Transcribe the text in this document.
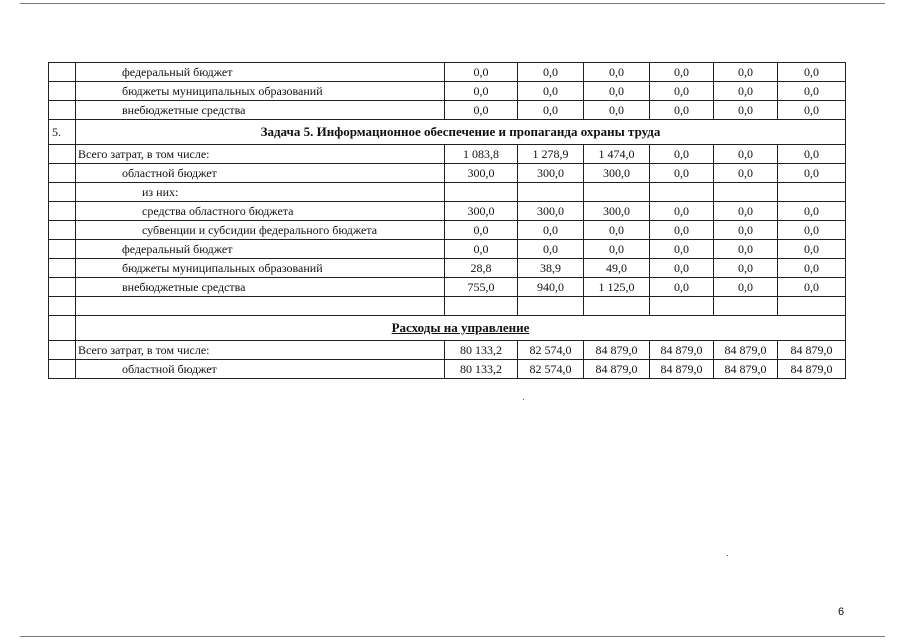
	федеральный бюджет	0,0	0,0	0,0	0,0	0,0	0,0
	бюджеты муниципальных образований	0,0	0,0	0,0	0,0	0,0	0,0
	внебюджетные средства	0,0	0,0	0,0	0,0	0,0	0,0
5.	Задача 5. Информационное обеспечение и пропаганда охраны труда						
	Всего затрат, в том числе:	1 083,8	1 278,9	1 474,0	0,0	0,0	0,0
	областной бюджет	300,0	300,0	300,0	0,0	0,0	0,0
	из них:						
	средства областного бюджета	300,0	300,0	300,0	0,0	0,0	0,0
	субвенции и субсидии федерального бюджета	0,0	0,0	0,0	0,0	0,0	0,0
	федеральный бюджет	0,0	0,0	0,0	0,0	0,0	0,0
	бюджеты муниципальных образований	28,8	38,9	49,0	0,0	0,0	0,0
	внебюджетные средства	755,0	940,0	1 125,0	0,0	0,0	0,0

	Расходы на управление						
	Всего затрат, в том числе:	80 133,2	82 574,0	84 879,0	84 879,0	84 879,0	84 879,0
	областной бюджет	80 133,2	82 574,0	84 879,0	84 879,0	84 879,0	84 879,0
6
